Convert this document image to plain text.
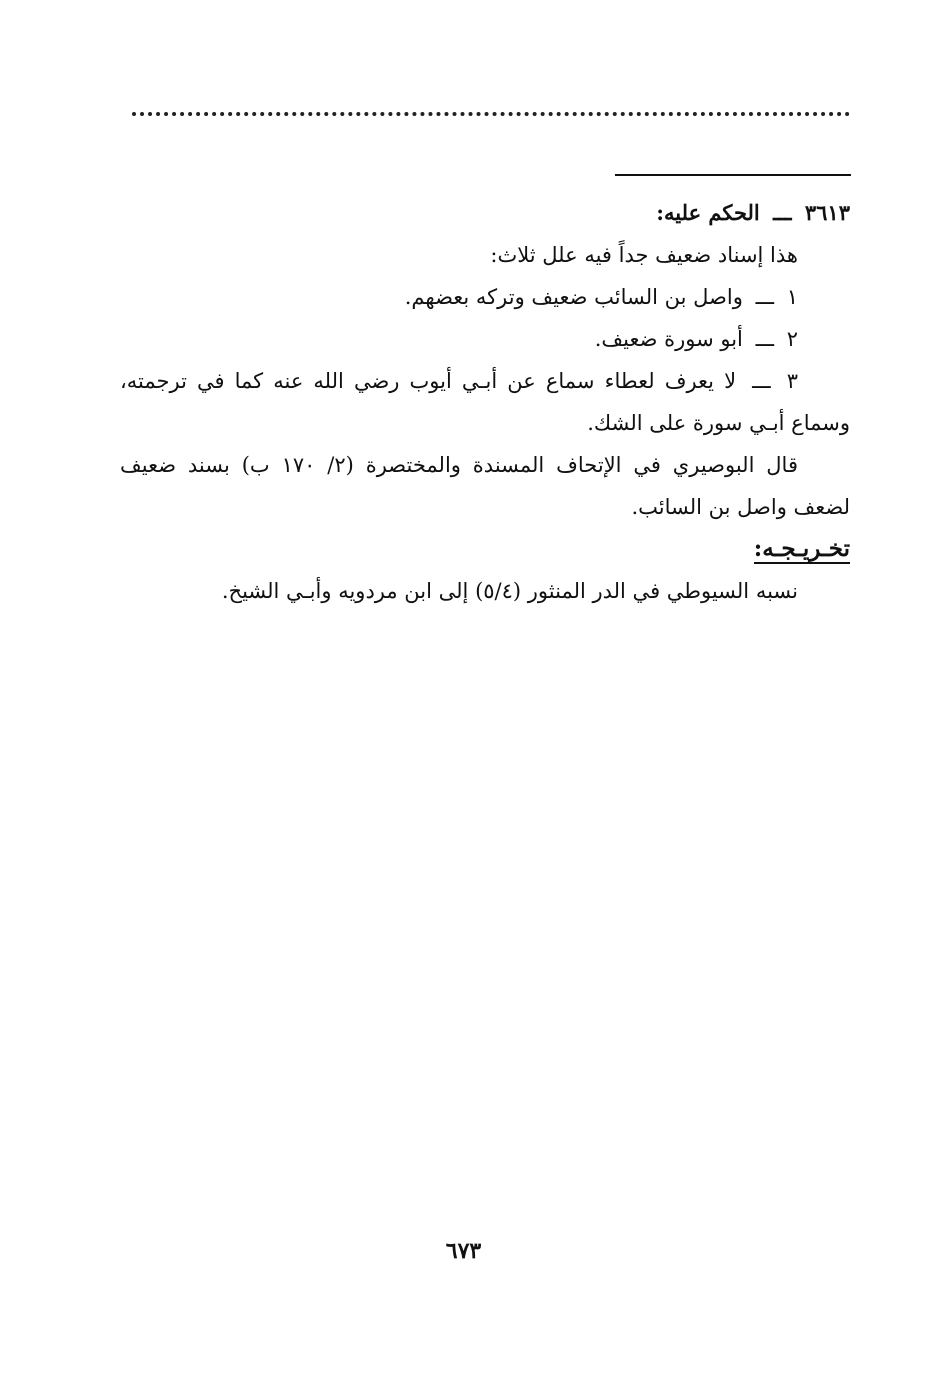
٣٦١٣ ـــ الحكم عليه:

هذا إسناد ضعيف جداً فيه علل ثلاث:

١ ـــ واصل بن السائب ضعيف وتركه بعضهم.

٢ ـــ أبو سورة ضعيف.

٣ ـــ لا يعرف لعطاء سماع عن أبـي أيوب رضي الله عنه كما في ترجمته، وسماع أبـي سورة على الشك.

قال البوصيري في الإتحاف المسندة والمختصرة (٢/ ١٧٠ ب) بسند ضعيف لضعف واصل بن السائب.

تخـريـجـه:

نسبه السيوطي في الدر المنثور (٥/٤) إلى ابن مردويه وأبـي الشيخ.

٦٧٣
